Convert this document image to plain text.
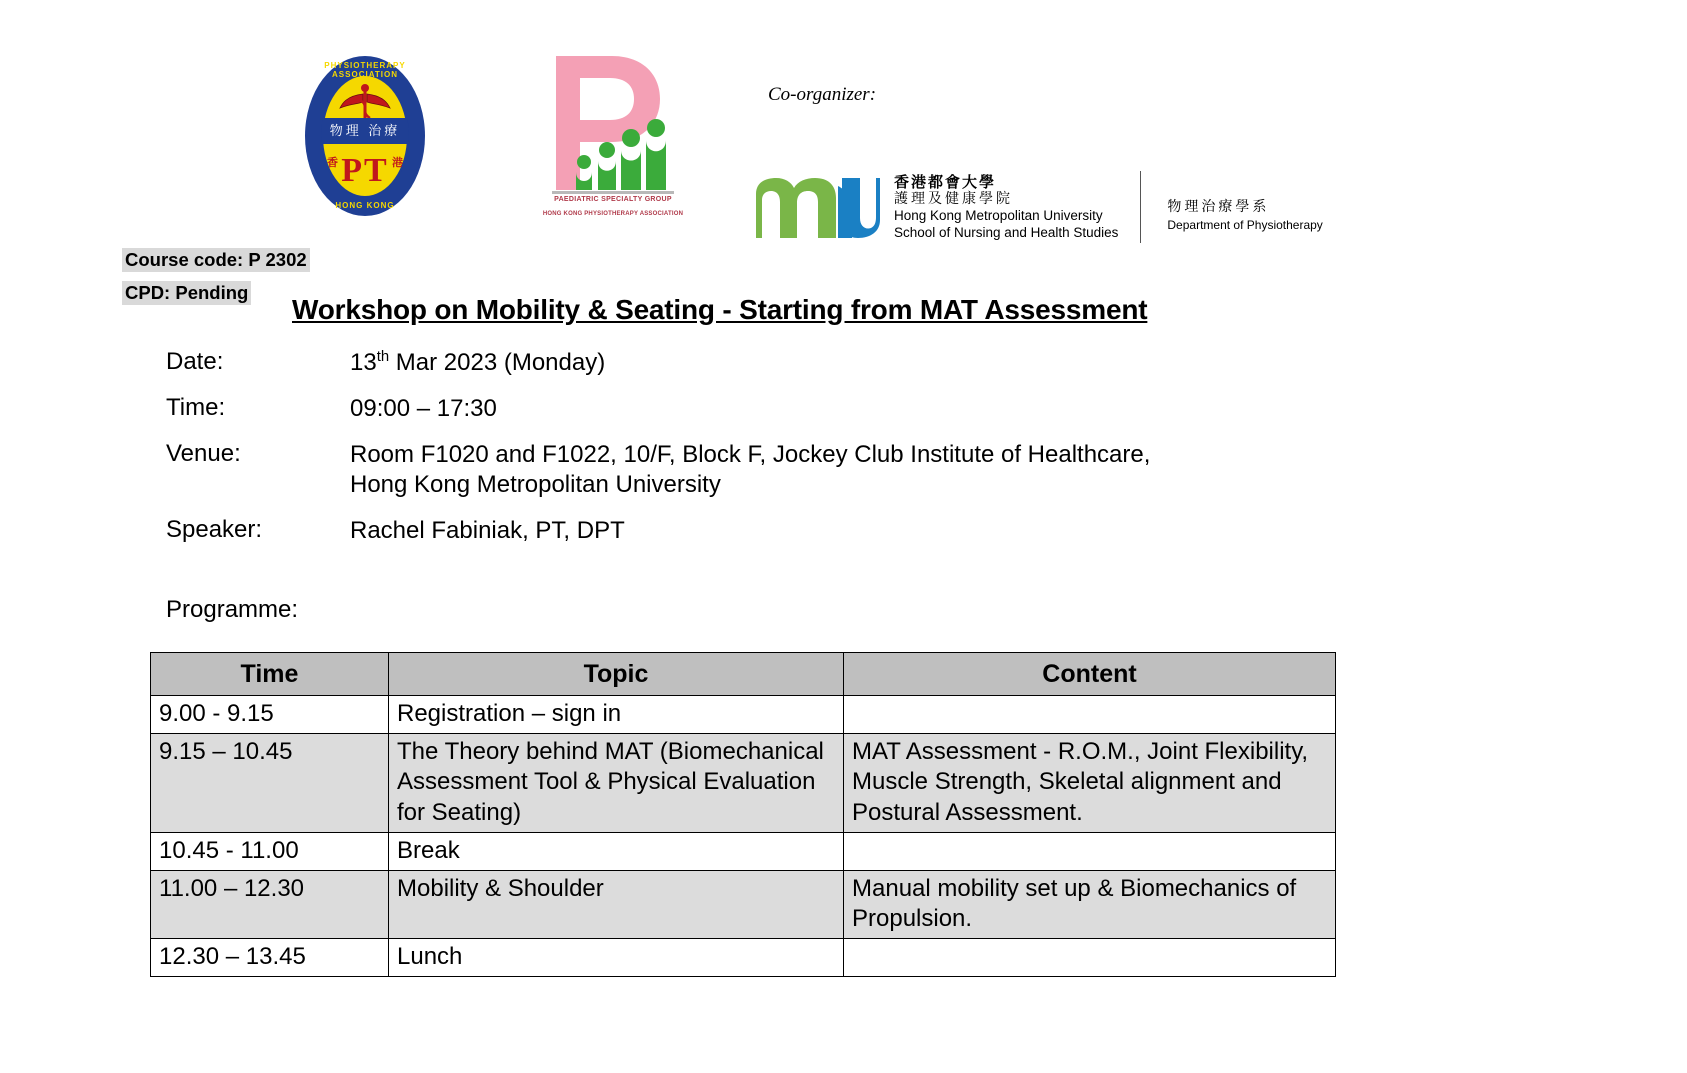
PHYSIOTHERAPY ASSOCIATION
物理 治療
PT
香	港
HONG KONG
PAEDIATRIC SPECIALTY GROUP
HONG KONG PHYSIOTHERAPY ASSOCIATION
Co-organizer:
香港都會大學
護理及健康學院
Hong Kong Metropolitan University
School of Nursing and Health Studies
物理治療學系
Department of Physiotherapy
Course code: P 2302
CPD: Pending
Workshop on Mobility & Seating - Starting from MAT Assessment
Date:	13th Mar 2023 (Monday)
Time:	09:00 – 17:30
Venue:	Room F1020 and F1022, 10/F, Block F, Jockey Club Institute of Healthcare,
Hong Kong Metropolitan University
Speaker:	Rachel Fabiniak, PT, DPT
Programme:
Time	Topic	Content
9.00 - 9.15	Registration – sign in	
9.15 – 10.45	The Theory behind MAT (Biomechanical Assessment Tool & Physical Evaluation for Seating)	MAT Assessment - R.O.M., Joint Flexibility, Muscle Strength, Skeletal alignment and Postural Assessment.
10.45 - 11.00	Break	
11.00 – 12.30	Mobility & Shoulder	Manual mobility set up & Biomechanics of Propulsion.
12.30 – 13.45	Lunch	
